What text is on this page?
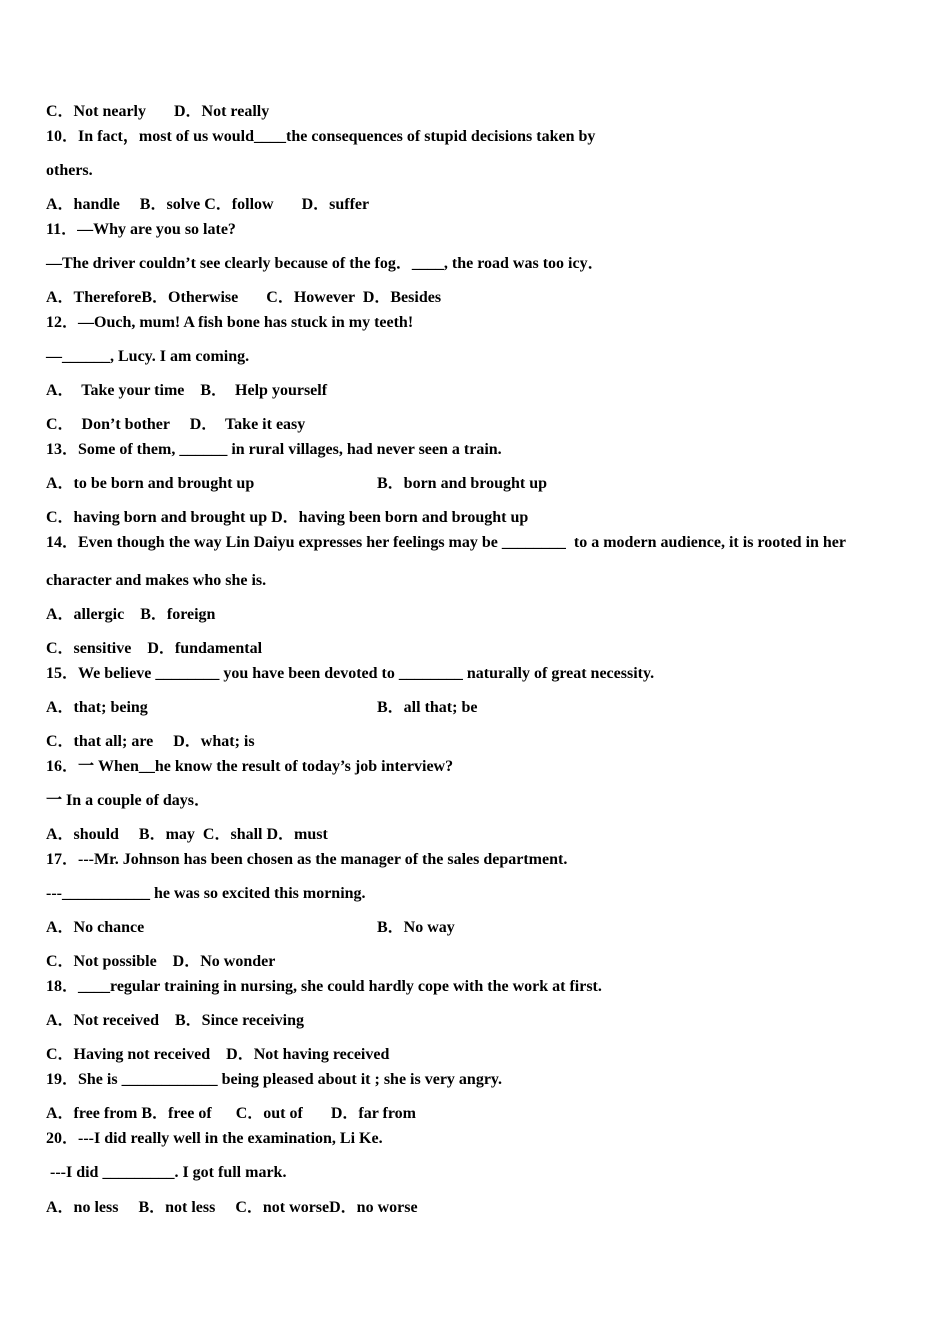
C．Not nearly       D．Not really
10．In fact，most of us would____the consequences of stupid decisions taken by
others.
A．handle     B．solve C．follow       D．suffer
11．—Why are you so late?
—The driver couldn’t see clearly because of the fog．____, the road was too icy．
A．ThereforeB．Otherwise       C．However  D．Besides
12．—Ouch, mum! A fish bone has stuck in my teeth!
—______, Lucy. I am coming.
A．  Take your time    B．  Help yourself
C．  Don’t bother     D．  Take it easy
13．Some of them, ______ in rural villages, had never seen a train.
A．to be born and brought up	B．born and brought up
C．having born and brought up D．having been born and brought up
14．Even though the way Lin Daiyu expresses her feelings may be ________  to a modern audience, it is rooted in her
character and makes who she is.
A．allergic    B．foreign
C．sensitive    D．fundamental
15．We believe ________ you have been devoted to ________ naturally of great necessity.
A．that; being	B．all that; be
C．that all; are     D．what; is
16．一 When__he know the result of today’s job interview?
一 In a couple of days．
A．should     B．may  C．shall D．must
17．---Mr. Johnson has been chosen as the manager of the sales department.
---___________ he was so excited this morning.
A．No chance	B．No way
C．Not possible    D．No wonder
18．____regular training in nursing, she could hardly cope with the work at first.
A．Not received    B．Since receiving
C．Having not received    D．Not having received
19．She is ____________ being pleased about it ; she is very angry.
A．free from B．free of      C．out of       D．far from
20．---I did really well in the examination, Li Ke.
---I did _________. I got full mark.
A．no less     B．not less     C．not worseD．no worse
